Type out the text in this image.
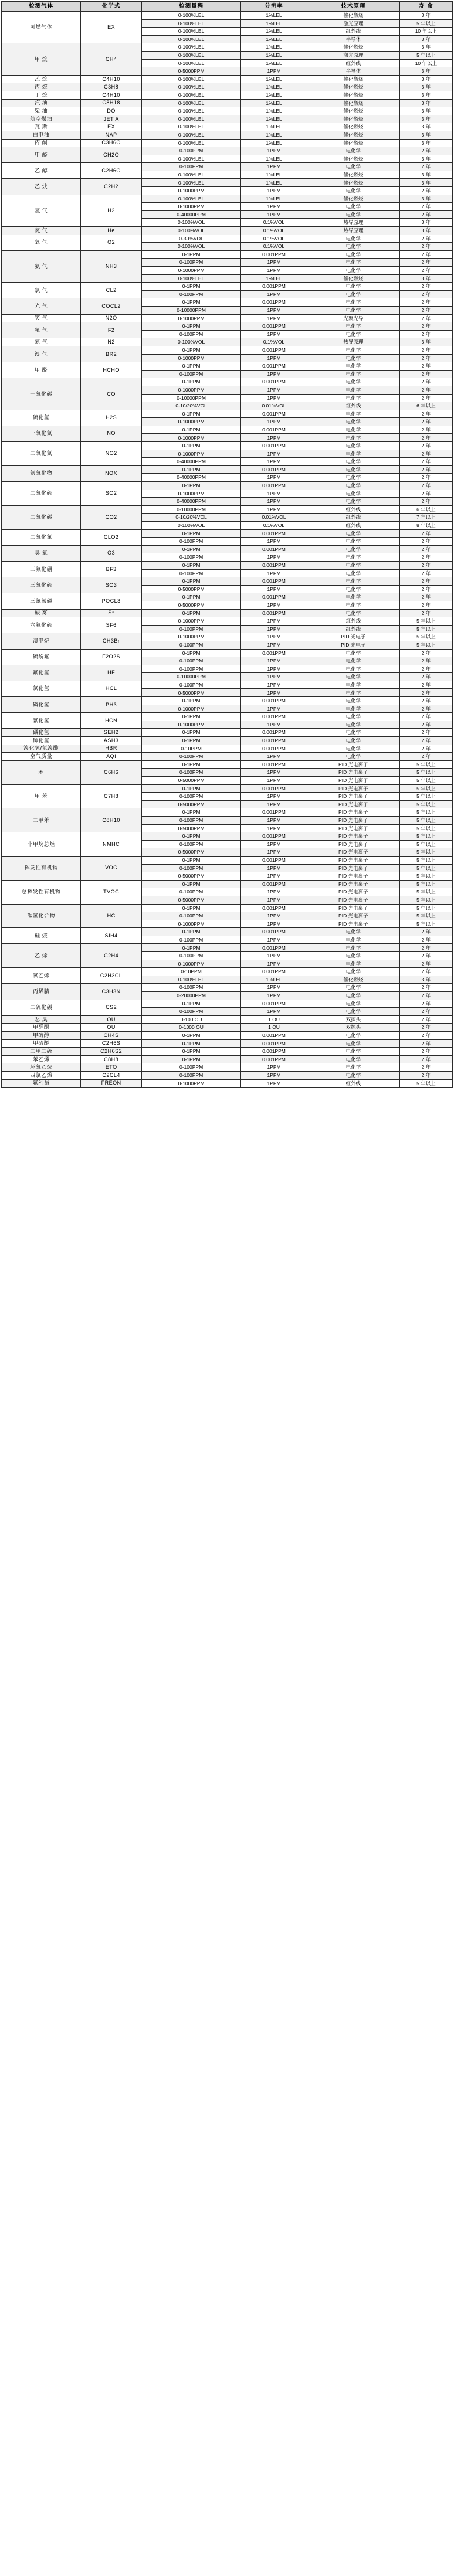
检测气体	化学式	检测量程	分辨率	技术原理	寿 命
可燃气体	EX	0-100%LEL	1%LEL	催化燃烧	3 年
		0-100%LEL	1%LEL	激光原理	5 年以上
		0-100%LEL	1%LEL	红外线	10 年以上
		0-100%LEL	1%LEL	半导体	3 年
甲 烷	CH4	0-100%LEL	1%LEL	催化燃烧	3 年
		0-100%LEL	1%LEL	激光原理	5 年以上
		0-100%LEL	1%LEL	红外线	10 年以上
		0-5000PPM	1PPM	半导体	3 年
乙 烷	C4H10	0-100%LEL	1%LEL	催化燃烧	3 年
丙 烷	C3H8	0-100%LEL	1%LEL	催化燃烧	3 年
丁 烷	C4H10	0-100%LEL	1%LEL	催化燃烧	3 年
汽 油	C8H18	0-100%LEL	1%LEL	催化燃烧	3 年
柴 油	DO	0-100%LEL	1%LEL	催化燃烧	3 年
航空煤油	JET A	0-100%LEL	1%LEL	催化燃烧	3 年
瓦 斯	EX	0-100%LEL	1%LEL	催化燃烧	3 年
白电油	NAP	0-100%LEL	1%LEL	催化燃烧	3 年
丙 酮	C3H6O	0-100%LEL	1%LEL	催化燃烧	3 年
甲 醛	CH2O	0-100PPM	1PPM	电化学	2 年
		0-100%LEL	1%LEL	催化燃烧	3 年
乙 醇	C2H6O	0-100PPM	1PPM	电化学	2 年
		0-100%LEL	1%LEL	催化燃烧	3 年
乙 炔	C2H2	0-100%LEL	1%LEL	催化燃烧	3 年
		0-1000PPM	1PPM	电化学	2 年
氢 气	H2	0-100%LEL	1%LEL	催化燃烧	3 年
		0-1000PPM	1PPM	电化学	2 年
		0-40000PPM	1PPM	电化学	2 年
		0-100%VOL	0.1%VOL	热导原理	3 年
氦 气	He	0-100%VOL	0.1%VOL	热导原理	3 年
氧 气	O2	0-30%VOL	0.1%VOL	电化学	2 年
		0-100%VOL	0.1%VOL	电化学	2 年
氨 气	NH3	0-1PPM	0.001PPM	电化学	2 年
		0-100PPM	1PPM	电化学	2 年
		0-1000PPM	1PPM	电化学	2 年
		0-100%LEL	1%LEL	催化燃烧	3 年
氯 气	CL2	0-1PPM	0.001PPM	电化学	2 年
		0-100PPM	1PPM	电化学	2 年
光 气	COCL2	0-1PPM	0.001PPM	电化学	2 年
		0-10000PPM	1PPM	电化学	2 年
笑 气	N2O	0-1000PPM	1PPM	光聚光导	2 年
氟 气	F2	0-1PPM	0.001PPM	电化学	2 年
		0-100PPM	1PPM	电化学	2 年
氮 气	N2	0-100%VOL	0.1%VOL	热导原理	3 年
溴 气	BR2	0-1PPM	0.001PPM	电化学	2 年
		0-1000PPM	1PPM	电化学	2 年
甲 醛	HCHO	0-1PPM	0.001PPM	电化学	2 年
		0-100PPM	1PPM	电化学	2 年
一氧化碳	CO	0-1PPM	0.001PPM	电化学	2 年
		0-1000PPM	1PPM	电化学	2 年
		0-10000PPM	1PPM	电化学	2 年
		0-10/20%VOL	0.01%VOL	红外线	6 年以上
硫化氢	H2S	0-1PPM	0.001PPM	电化学	2 年
		0-1000PPM	1PPM	电化学	2 年
一氧化氮	NO	0-1PPM	0.001PPM	电化学	2 年
		0-1000PPM	1PPM	电化学	2 年
二氧化氮	NO2	0-1PPM	0.001PPM	电化学	2 年
		0-1000PPM	1PPM	电化学	2 年
		0-40000PPM	1PPM	电化学	2 年
氮氧化物	NOX	0-1PPM	0.001PPM	电化学	2 年
		0-40000PPM	1PPM	电化学	2 年
二氧化硫	SO2	0-1PPM	0.001PPM	电化学	2 年
		0-1000PPM	1PPM	电化学	2 年
		0-40000PPM	1PPM	电化学	2 年
二氧化碳	CO2	0-10000PPM	1PPM	红外线	6 年以上
		0-10/20%VOL	0.01%VOL	红外线	7 年以上
		0-100%VOL	0.1%VOL	红外线	8 年以上
二氧化氯	CLO2	0-1PPM	0.001PPM	电化学	2 年
		0-100PPM	1PPM	电化学	2 年
臭 氧	O3	0-1PPM	0.001PPM	电化学	2 年
		0-100PPM	1PPM	电化学	2 年
三氟化硼	BF3	0-1PPM	0.001PPM	电化学	2 年
		0-100PPM	1PPM	电化学	2 年
三氧化硫	SO3	0-1PPM	0.001PPM	电化学	2 年
		0-5000PPM	1PPM	电化学	2 年
三氯氧磷	POCL3	0-1PPM	0.001PPM	电化学	2 年
		0-5000PPM	1PPM	电化学	2 年
酸 雾	S*	0-1PPM	0.001PPM	电化学	2 年
六氟化硫	SF6	0-1000PPM	1PPM	红外线	5 年以上
		0-100PPM	1PPM	红外线	5 年以上
溴甲烷	CH3Br	0-1000PPM	1PPM	PID 光电子	5 年以上
		0-100PPM	1PPM	PID 光电子	5 年以上
硫酰氟	F2O2S	0-1PPM	0.001PPM	电化学	2 年
		0-100PPM	1PPM	电化学	2 年
氟化氢	HF	0-100PPM	1PPM	电化学	2 年
		0-10000PPM	1PPM	电化学	2 年
氯化氢	HCL	0-100PPM	1PPM	电化学	2 年
		0-5000PPM	1PPM	电化学	2 年
磷化氢	PH3	0-1PPM	0.001PPM	电化学	2 年
		0-1000PPM	1PPM	电化学	2 年
氰化氢	HCN	0-1PPM	0.001PPM	电化学	2 年
		0-1000PPM	1PPM	电化学	2 年
硒化氢	SEH2	0-1PPM	0.001PPM	电化学	2 年
砷化氢	ASH3	0-1PPM	0.001PPM	电化学	2 年
溴化氢/氢溴酸	HBR	0-10PPM	0.001PPM	电化学	2 年
空气质量	AQI	0-100PPM	1PPM	电化学	2 年
苯	C6H6	0-1PPM	0.001PPM	PID 光电离子	5 年以上
		0-100PPM	1PPM	PID 光电离子	5 年以上
		0-5000PPM	1PPM	PID 光电离子	5 年以上
甲 苯	C7H8	0-1PPM	0.001PPM	PID 光电离子	5 年以上
		0-100PPM	1PPM	PID 光电离子	5 年以上
		0-5000PPM	1PPM	PID 光电离子	5 年以上
二甲苯	C8H10	0-1PPM	0.001PPM	PID 光电离子	5 年以上
		0-100PPM	1PPM	PID 光电离子	5 年以上
		0-5000PPM	1PPM	PID 光电离子	5 年以上
非甲烷总烃	NMHC	0-1PPM	0.001PPM	PID 光电离子	5 年以上
		0-100PPM	1PPM	PID 光电离子	5 年以上
		0-5000PPM	1PPM	PID 光电离子	5 年以上
挥发性有机物	VOC	0-1PPM	0.001PPM	PID 光电离子	5 年以上
		0-100PPM	1PPM	PID 光电离子	5 年以上
		0-5000PPM	1PPM	PID 光电离子	5 年以上
总挥发性有机物	TVOC	0-1PPM	0.001PPM	PID 光电离子	5 年以上
		0-100PPM	1PPM	PID 光电离子	5 年以上
		0-5000PPM	1PPM	PID 光电离子	5 年以上
碳氢化合物	HC	0-1PPM	0.001PPM	PID 光电离子	5 年以上
		0-100PPM	1PPM	PID 光电离子	5 年以上
		0-1000PPM	1PPM	PID 光电离子	5 年以上
硅 烷	SIH4	0-1PPM	0.001PPM	电化学	2 年
		0-100PPM	1PPM	电化学	2 年
乙 烯	C2H4	0-1PPM	0.001PPM	电化学	2 年
		0-100PPM	1PPM	电化学	2 年
		0-1000PPM	1PPM	电化学	2 年
氯乙烯	C2H3CL	0-10PPM	0.001PPM	电化学	2 年
		0-100%LEL	1%LEL	催化燃烧	3 年
丙烯腈	C3H3N	0-100PPM	1PPM	电化学	2 年
		0-20000PPM	1PPM	电化学	2 年
二硫化碳	CS2	0-1PPM	0.001PPM	电化学	2 年
		0-100PPM	1PPM	电化学	2 年
恶 臭	OU	0-100 OU	1 OU	双探头	2 年
甲醛酮	OU	0-1000 OU	1 OU	双探头	2 年
甲硫醇	CH4S	0-1PPM	0.001PPM	电化学	2 年
甲硫醚	C2H6S	0-1PPM	0.001PPM	电化学	2 年
二甲二硫	C2H6S2	0-1PPM	0.001PPM	电化学	2 年
苯乙烯	C8H8	0-1PPM	0.001PPM	电化学	2 年
环氧乙烷	ETO	0-100PPM	1PPM	电化学	2 年
四氯乙烯	C2CL4	0-100PPM	1PPM	电化学	2 年
氟利昂	FREON	0-1000PPM	1PPM	红外线	5 年以上
